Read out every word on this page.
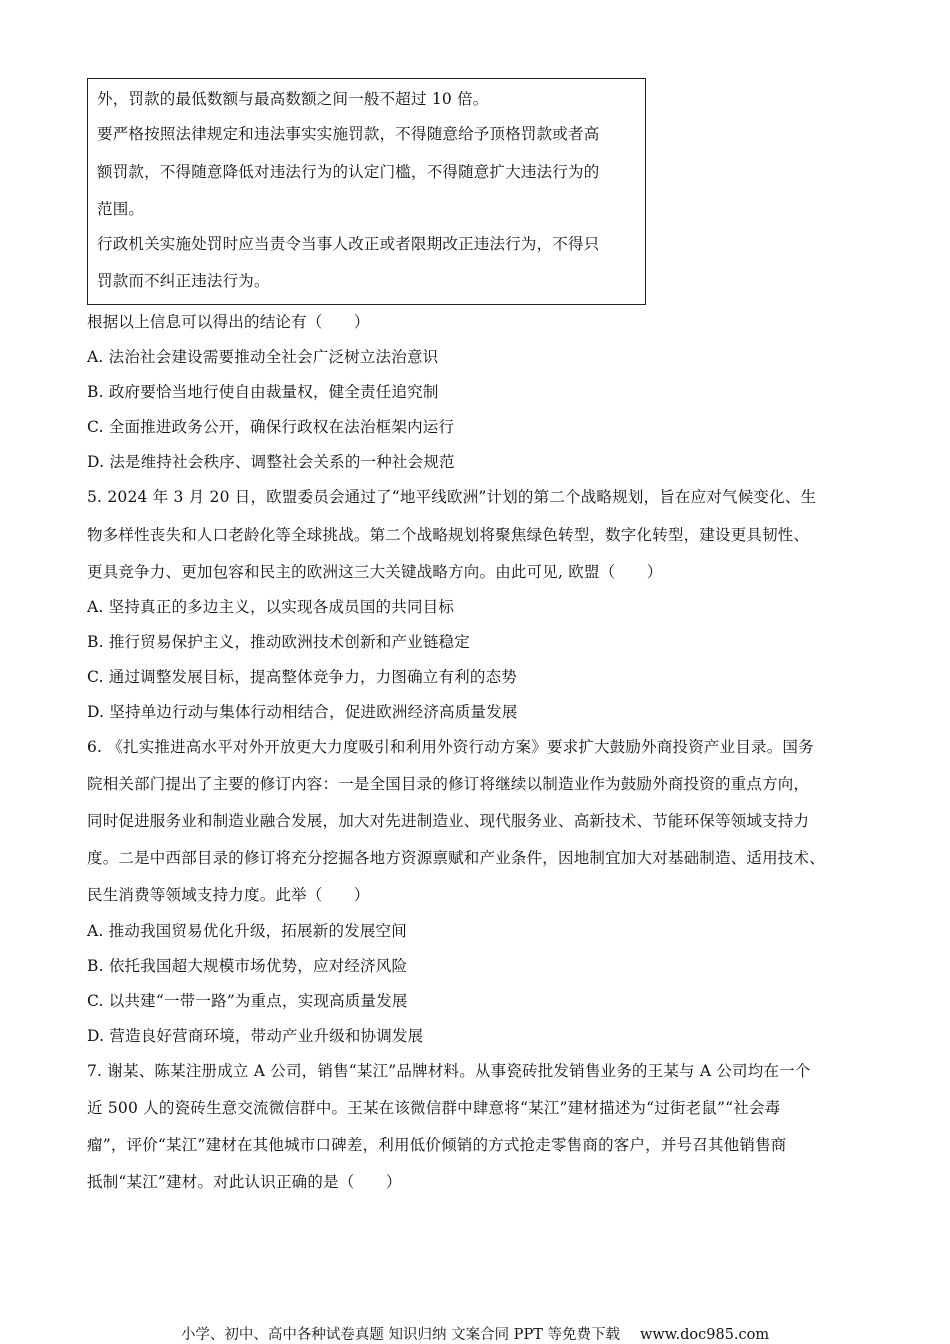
外，罚款的最低数额与最高数额之间一般不超过 10 倍。
要严格按照法律规定和违法事实实施罚款，不得随意给予顶格罚款或者高
额罚款，不得随意降低对违法行为的认定门槛，不得随意扩大违法行为的
范围。
行政机关实施处罚时应当责令当事人改正或者限期改正违法行为，不得只
罚款而不纠正违法行为。
根据以上信息可以得出的结论有（　　）
A. 法治社会建设需要推动全社会广泛树立法治意识
B. 政府要恰当地行使自由裁量权，健全责任追究制
C. 全面推进政务公开，确保行政权在法治框架内运行
D. 法是维持社会秩序、调整社会关系的一种社会规范
5. 2024 年 3 月 20 日，欧盟委员会通过了“地平线欧洲”计划的第二个战略规划，旨在应对气候变化、生
物多样性丧失和人口老龄化等全球挑战。第二个战略规划将聚焦绿色转型，数字化转型，建设更具韧性、
更具竞争力、更加包容和民主的欧洲这三大关键战略方向。由此可见, 欧盟（　　）
A. 坚持真正的多边主义，以实现各成员国的共同目标
B. 推行贸易保护主义，推动欧洲技术创新和产业链稳定
C. 通过调整发展目标，提高整体竞争力，力图确立有利的态势
D. 坚持单边行动与集体行动相结合，促进欧洲经济高质量发展
6. 《扎实推进高水平对外开放更大力度吸引和利用外资行动方案》要求扩大鼓励外商投资产业目录。国务
院相关部门提出了主要的修订内容：一是全国目录的修订将继续以制造业作为鼓励外商投资的重点方向，
同时促进服务业和制造业融合发展，加大对先进制造业、现代服务业、高新技术、节能环保等领域支持力
度。二是中西部目录的修订将充分挖掘各地方资源禀赋和产业条件，因地制宜加大对基础制造、适用技术、
民生消费等领域支持力度。此举（　　）
A. 推动我国贸易优化升级，拓展新的发展空间
B. 依托我国超大规模市场优势，应对经济风险
C. 以共建“一带一路”为重点，实现高质量发展
D. 营造良好营商环境，带动产业升级和协调发展
7. 谢某、陈某注册成立 A 公司，销售“某江”品牌材料。从事瓷砖批发销售业务的王某与 A 公司均在一个
近 500 人的瓷砖生意交流微信群中。王某在该微信群中肆意将“某江”建材描述为“过街老鼠”“社会毒
瘤”，评价“某江”建材在其他城市口碑差，利用低价倾销的方式抢走零售商的客户，并号召其他销售商
抵制“某江”建材。对此认识正确的是（　　）
小学、初中、高中各种试卷真题 知识归纳 文案合同 PPT 等免费下载 www.doc985.com
